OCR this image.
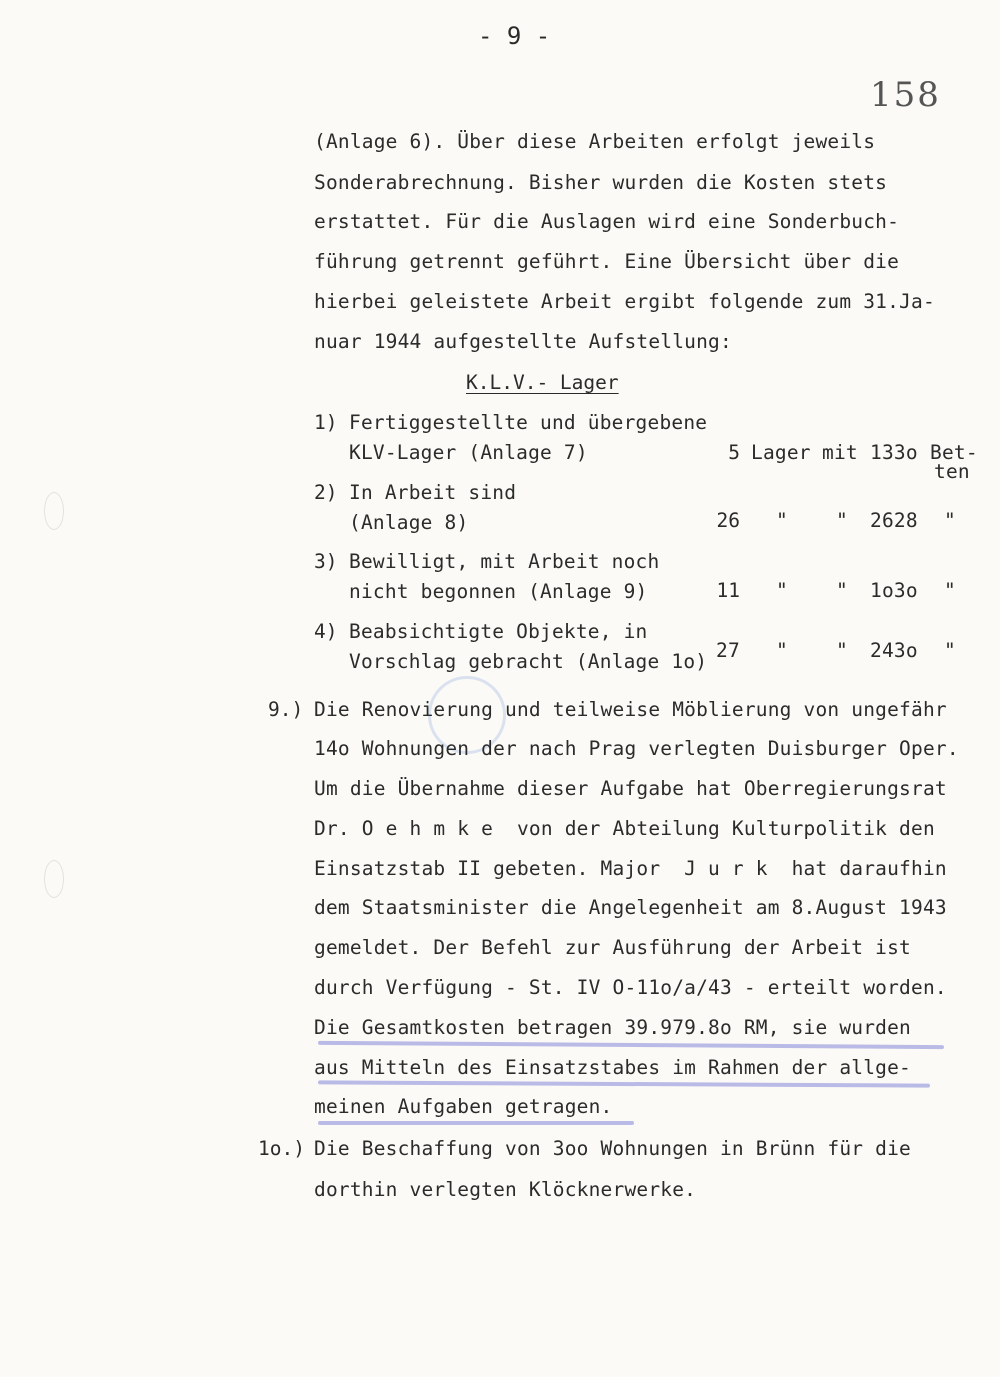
- 9 -
158
(Anlage 6). Über diese Arbeiten erfolgt jeweils
Sonderabrechnung. Bisher wurden die Kosten stets
erstattet. Für die Auslagen wird eine Sonderbuch-
führung getrennt geführt. Eine Übersicht über die
hierbei geleistete Arbeit ergibt folgende zum 31.Ja-
nuar 1944 aufgestellte Aufstellung:
K.L.V.- Lager
1) Fertiggestellte und übergebene
KLV-Lager (Anlage 7)	5 Lager mit 133o Bet-
ten
2) In Arbeit sind
(Anlage 8)	26 " " 2628 "
3) Bewilligt, mit Arbeit noch
nicht begonnen (Anlage 9)	11 " " 1o3o "
4) Beabsichtigte Objekte, in
Vorschlag gebracht (Anlage 1o) 27 " " 243o "
9.) Die Renovierung und teilweise Möblierung von ungefähr
14o Wohnungen der nach Prag verlegten Duisburger Oper.
Um die Übernahme dieser Aufgabe hat Oberregierungsrat
Dr. O e h m k e  von der Abteilung Kulturpolitik den
Einsatzstab II gebeten. Major  J u r k  hat daraufhin
dem Staatsminister die Angelegenheit am 8.August 1943
gemeldet. Der Befehl zur Ausführung der Arbeit ist
durch Verfügung - St. IV O-11o/a/43 - erteilt worden.
Die Gesamtkosten betragen 39.979.8o RM, sie wurden
aus Mitteln des Einsatzstabes im Rahmen der allge-
meinen Aufgaben getragen.
1o.) Die Beschaffung von 3oo Wohnungen in Brünn für die
dorthin verlegten Klöcknerwerke.
